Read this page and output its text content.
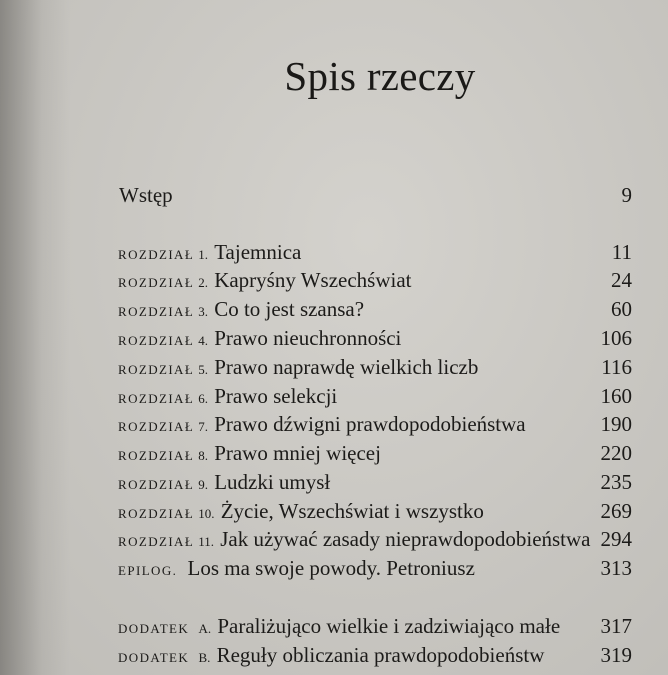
Spis rzeczy
Wstęp	9
ROZDZIAŁ 1. Tajemnica	11
ROZDZIAŁ 2. Kapryśny Wszechświat	24
ROZDZIAŁ 3. Co to jest szansa?	60
ROZDZIAŁ 4. Prawo nieuchronności	106
ROZDZIAŁ 5. Prawo naprawdę wielkich liczb	116
ROZDZIAŁ 6. Prawo selekcji	160
ROZDZIAŁ 7. Prawo dźwigni prawdopodobieństwa	190
ROZDZIAŁ 8. Prawo mniej więcej	220
ROZDZIAŁ 9. Ludzki umysł	235
ROZDZIAŁ 10. Życie, Wszechświat i wszystko	269
ROZDZIAŁ 11. Jak używać zasady nieprawdopodobieństwa 294
EPILOG. Los ma swoje powody. Petroniusz	313
DODATEK A. Paraliżująco wielkie i zadziwiająco małe 317
DODATEK B. Reguły obliczania prawdopodobieństw	319
